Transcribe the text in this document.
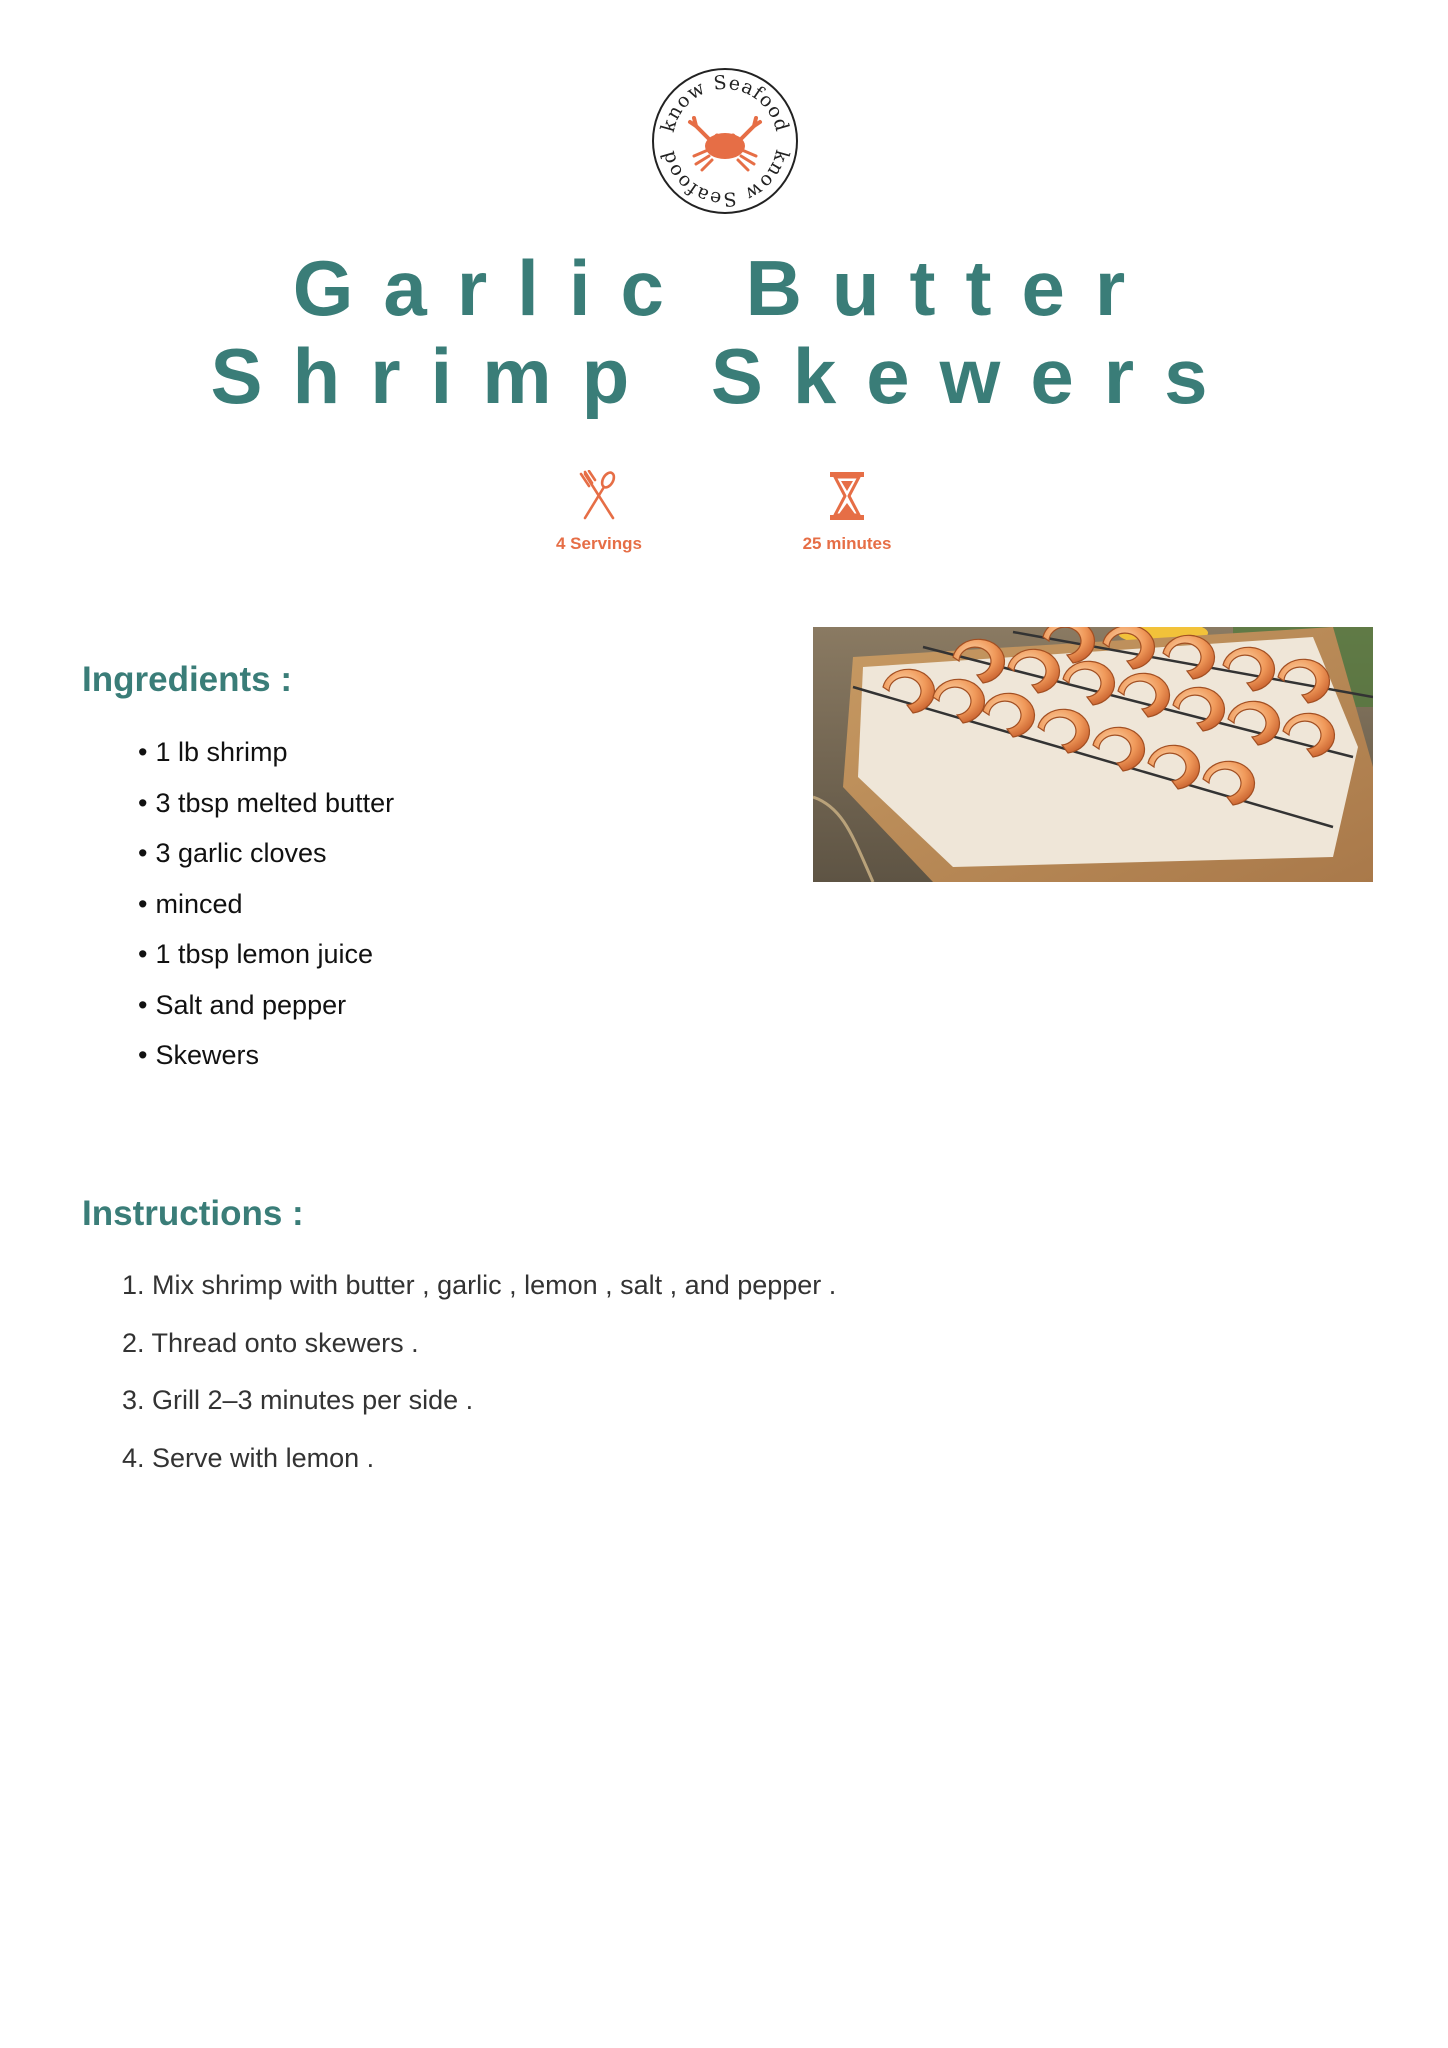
know Seafood
know Seafood
Garlic Butter
Shrimp Skewers
4 Servings	25 minutes
Ingredients :
• 1 lb shrimp
• 3 tbsp melted butter
• 3 garlic cloves
• minced
• 1 tbsp lemon juice
• Salt and pepper
• Skewers
Instructions :
1. Mix shrimp with butter , garlic , lemon , salt , and pepper .
2. Thread onto skewers .
3. Grill 2–3 minutes per side .
4. Serve with lemon .
